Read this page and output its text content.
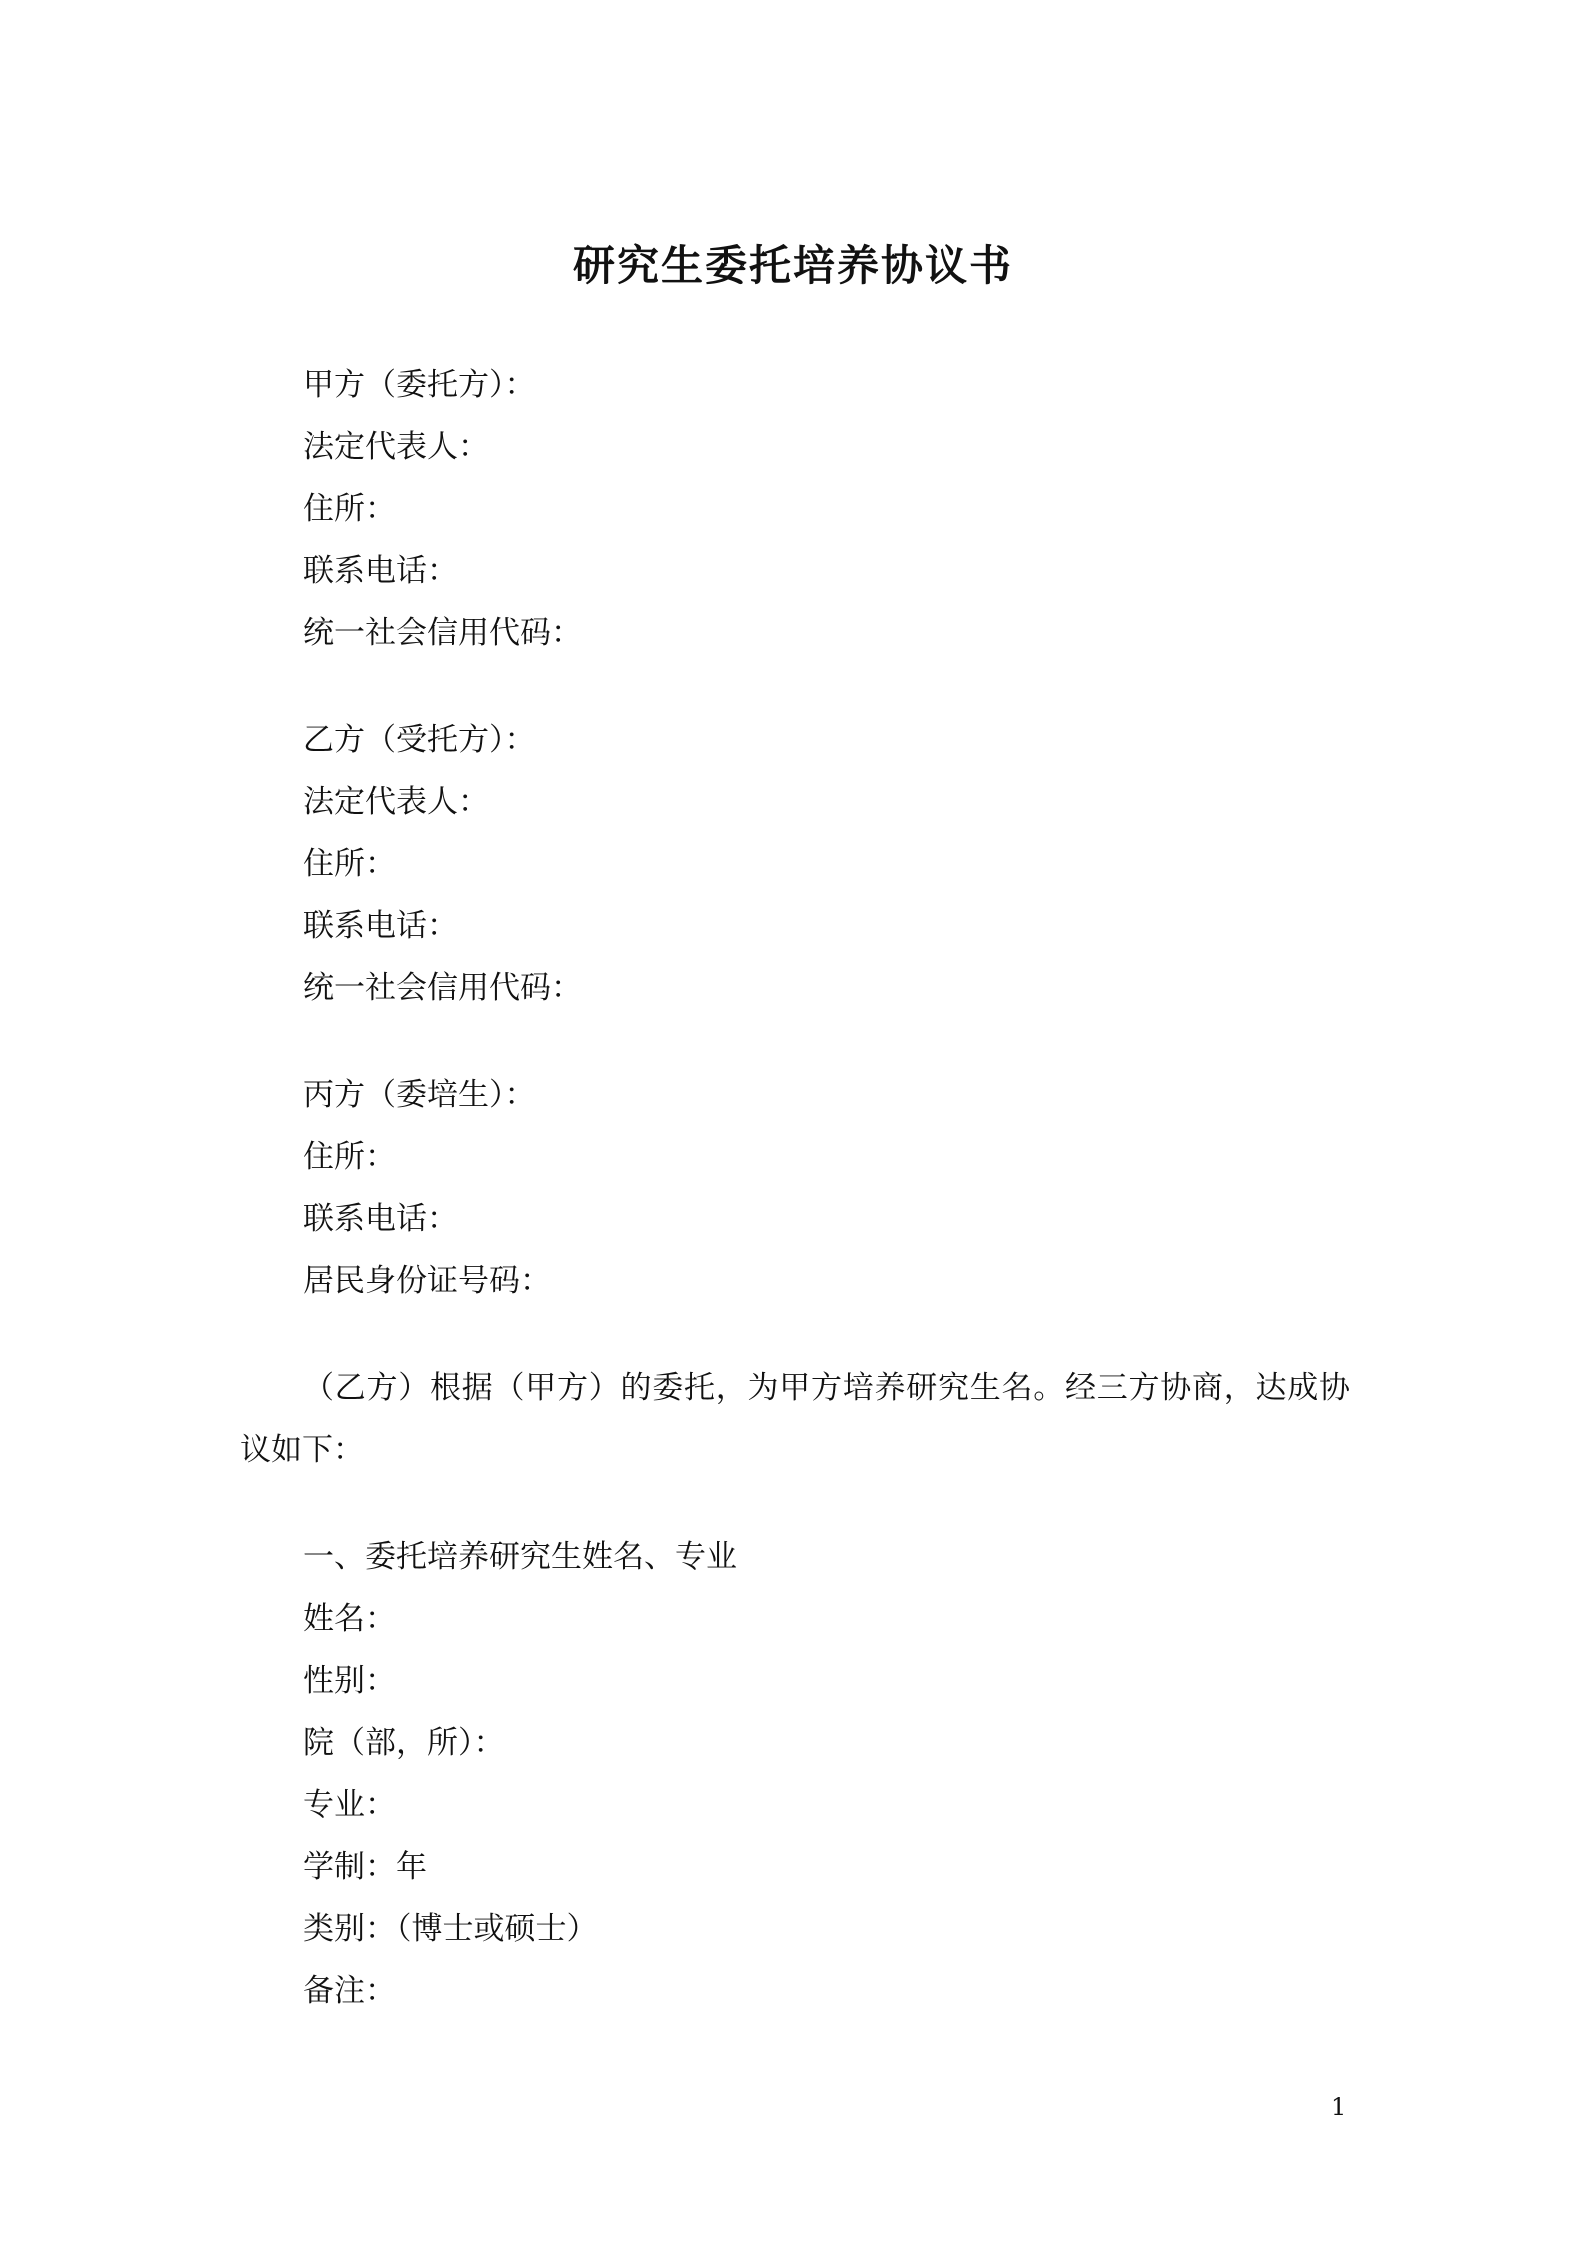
研究生委托培养协议书
甲方（委托方）：
法定代表人：
住所：
联系电话：
统一社会信用代码：
乙方（受托方）：
法定代表人：
住所：
联系电话：
统一社会信用代码：
丙方（委培生）：
住所：
联系电话：
居民身份证号码：

（乙方）根据（甲方）的委托，为甲方培养研究生名。经三方协商，达成协议如下：

一、委托培养研究生姓名、专业
姓名：
性别：
院（部，所）：
专业：
学制：年
类别：（博士或硕士）
备注：
1
